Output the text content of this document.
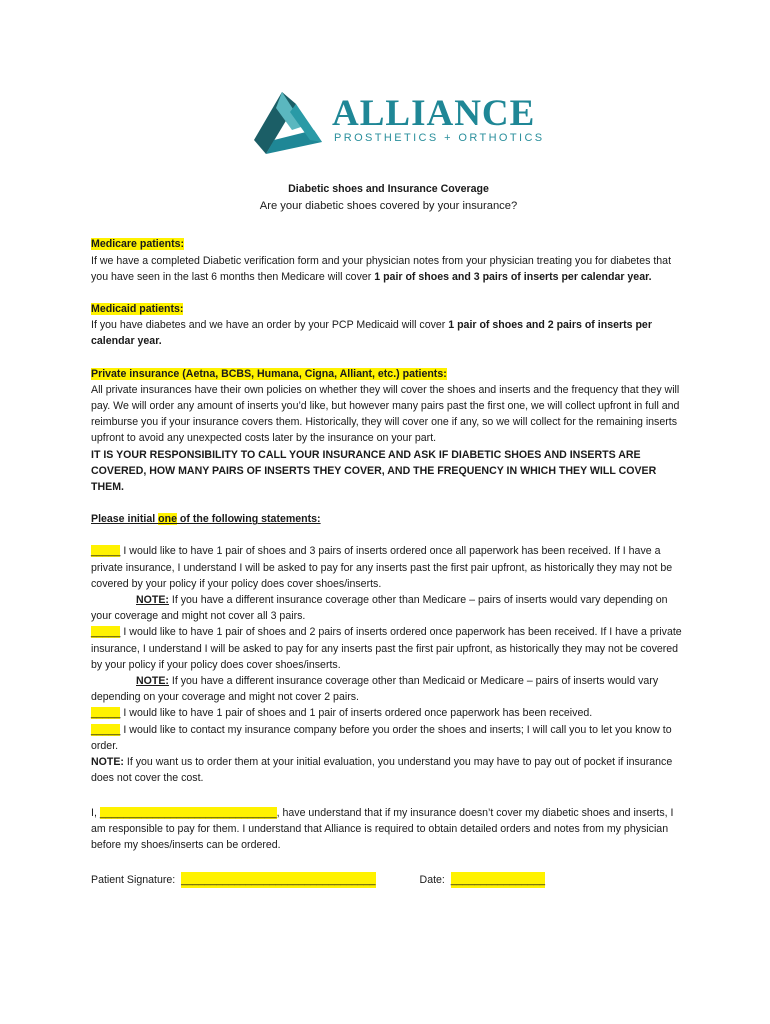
ALLIANCE
PROSTHETICS + ORTHOTICS

Diabetic shoes and Insurance Coverage

Are your diabetic shoes covered by your insurance?

Medicare patients:
If we have a completed Diabetic verification form and your physician notes from your physician treating you for diabetes that you have seen in the last 6 months then Medicare will cover 1 pair of shoes and 3 pairs of inserts per calendar year.

Medicaid patients:
If you have diabetes and we have an order by your PCP Medicaid will cover 1 pair of shoes and 2 pairs of inserts per calendar year.

Private insurance (Aetna, BCBS, Humana, Cigna, Alliant, etc.) patients:
All private insurances have their own policies on whether they will cover the shoes and inserts and the frequency that they will pay. We will order any amount of inserts you’d like, but however many pairs past the first one, we will collect upfront in full and reimburse you if your insurance covers them. Historically, they will cover one if any, so we will collect for the remaining inserts upfront to avoid any unexpected costs later by the insurance on your part.
IT IS YOUR RESPONSIBILITY TO CALL YOUR INSURANCE AND ASK IF DIABETIC SHOES AND INSERTS ARE COVERED, HOW MANY PAIRS OF INSERTS THEY COVER, AND THE FREQUENCY IN WHICH THEY WILL COVER THEM.

Please initial one of the following statements:

_____ I would like to have 1 pair of shoes and 3 pairs of inserts ordered once all paperwork has been received. If I have a private insurance, I understand I will be asked to pay for any inserts past the first pair upfront, as historically they may not be covered by your policy if your policy does cover shoes/inserts.

NOTE: If you have a different insurance coverage other than Medicare – pairs of inserts would vary depending on your coverage and might not cover all 3 pairs.

_____ I would like to have 1 pair of shoes and 2 pairs of inserts ordered once paperwork has been received. If I have a private insurance, I understand I will be asked to pay for any inserts past the first pair upfront, as historically they may not be covered by your policy if your policy does cover shoes/inserts.

NOTE: If you have a different insurance coverage other than Medicaid or Medicare – pairs of inserts would vary depending on your coverage and might not cover 2 pairs.

_____ I would like to have 1 pair of shoes and 1 pair of inserts ordered once paperwork has been received.

_____ I would like to contact my insurance company before you order the shoes and inserts; I will call you to let you know to order.

NOTE: If you want us to order them at your initial evaluation, you understand you may have to pay out of pocket if insurance does not cover the cost.

I, ______________________________, have understand that if my insurance doesn’t cover my diabetic shoes and inserts, I am responsible to pay for them. I understand that Alliance is required to obtain detailed orders and notes from my physician before my shoes/inserts can be ordered.

Patient Signature: _________________________________	Date: ________________
